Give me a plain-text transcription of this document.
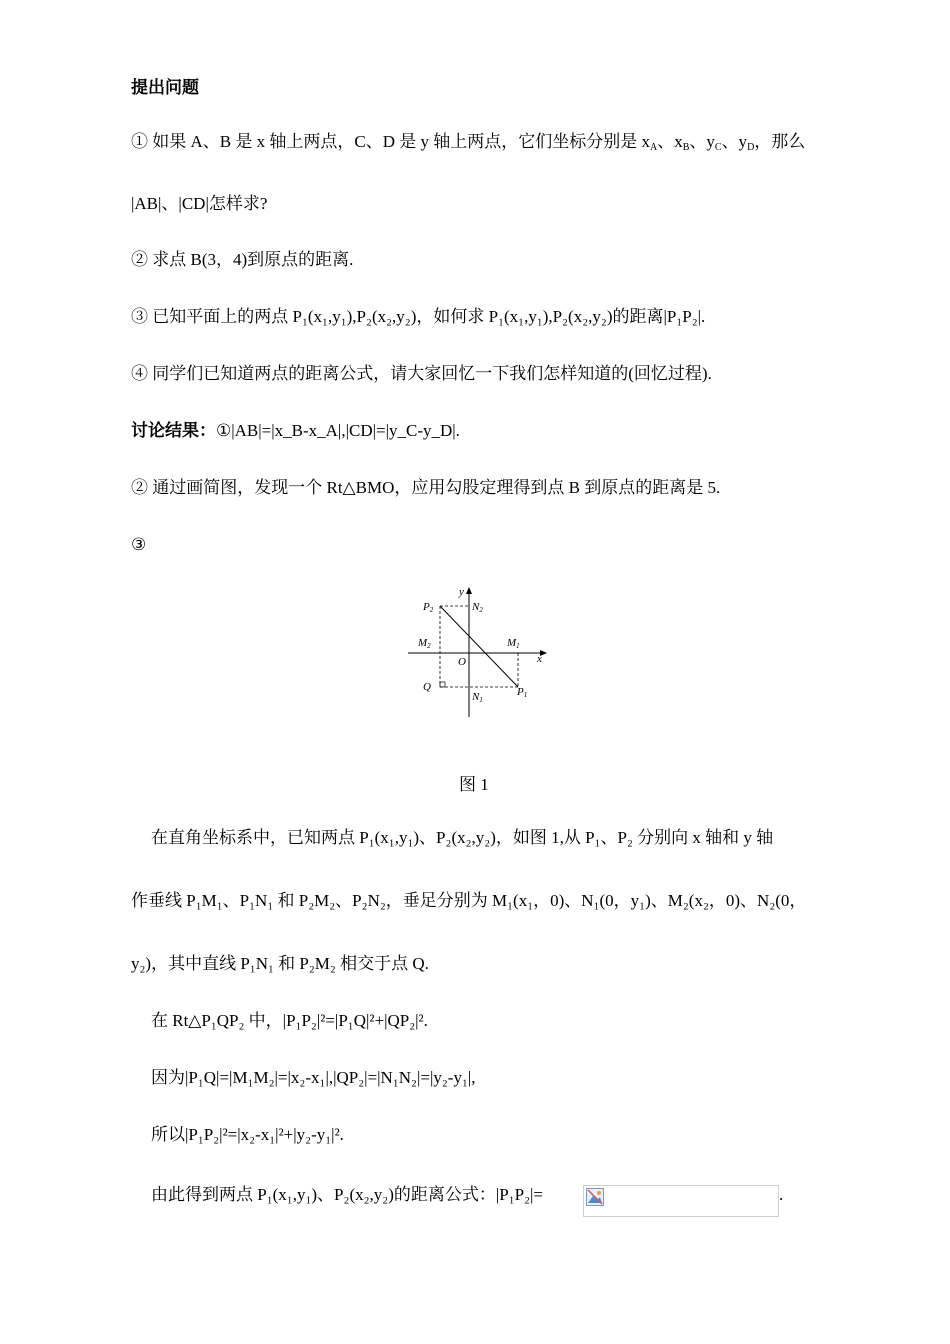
提出问题
① 如果 A、B 是 x 轴上两点，C、D 是 y 轴上两点，它们坐标分别是 $x_A$、$x_B$、$y_C$、$y_D$，那么
|AB|、|CD|怎样求?
② 求点 B(3，4)到原点的距离.
③ 已知平面上的两点 P₁(x₁,y₁),P₂(x₂,y₂)，如何求 P₁(x₁,y₁),P₂(x₂,y₂)的距离|P₁P₂|.
④ 同学们已知道两点的距离公式，请大家回忆一下我们怎样知道的(回忆过程).
讨论结果：①|AB|=|x_B-x_A|,|CD|=|y_C-y_D|.
② 通过画简图，发现一个 Rt△BMO，应用勾股定理得到点 B 到原点的距离是 5.
③
y
x
O
P2	N2
M2	M1
Q
N1
P1
图 1
在直角坐标系中，已知两点 P₁(x₁,y₁)、P₂(x₂,y₂)，如图 1,从 P₁、P₂ 分别向 x 轴和 y 轴
作垂线 P₁M₁、P₁N₁ 和 P₂M₂、P₂N₂，垂足分别为 M₁(x₁，0)、N₁(0，y₁)、M₂(x₂，0)、N₂(0，
y₂)，其中直线 P₁N₁ 和 P₂M₂ 相交于点 Q.
在 Rt△P₁QP₂ 中，|P₁P₂|²=|P₁Q|²+|QP₂|².
因为|P₁Q|=|M₁M₂|=|x₂-x₁|,|QP₂|=|N₁N₂|=|y₂-y₁|,
所以|P₁P₂|²=|x₂-x₁|²+|y₂-y₁|².
由此得到两点 P₁(x₁,y₁)、P₂(x₂,y₂)的距离公式：|P₁P₂|=	.
